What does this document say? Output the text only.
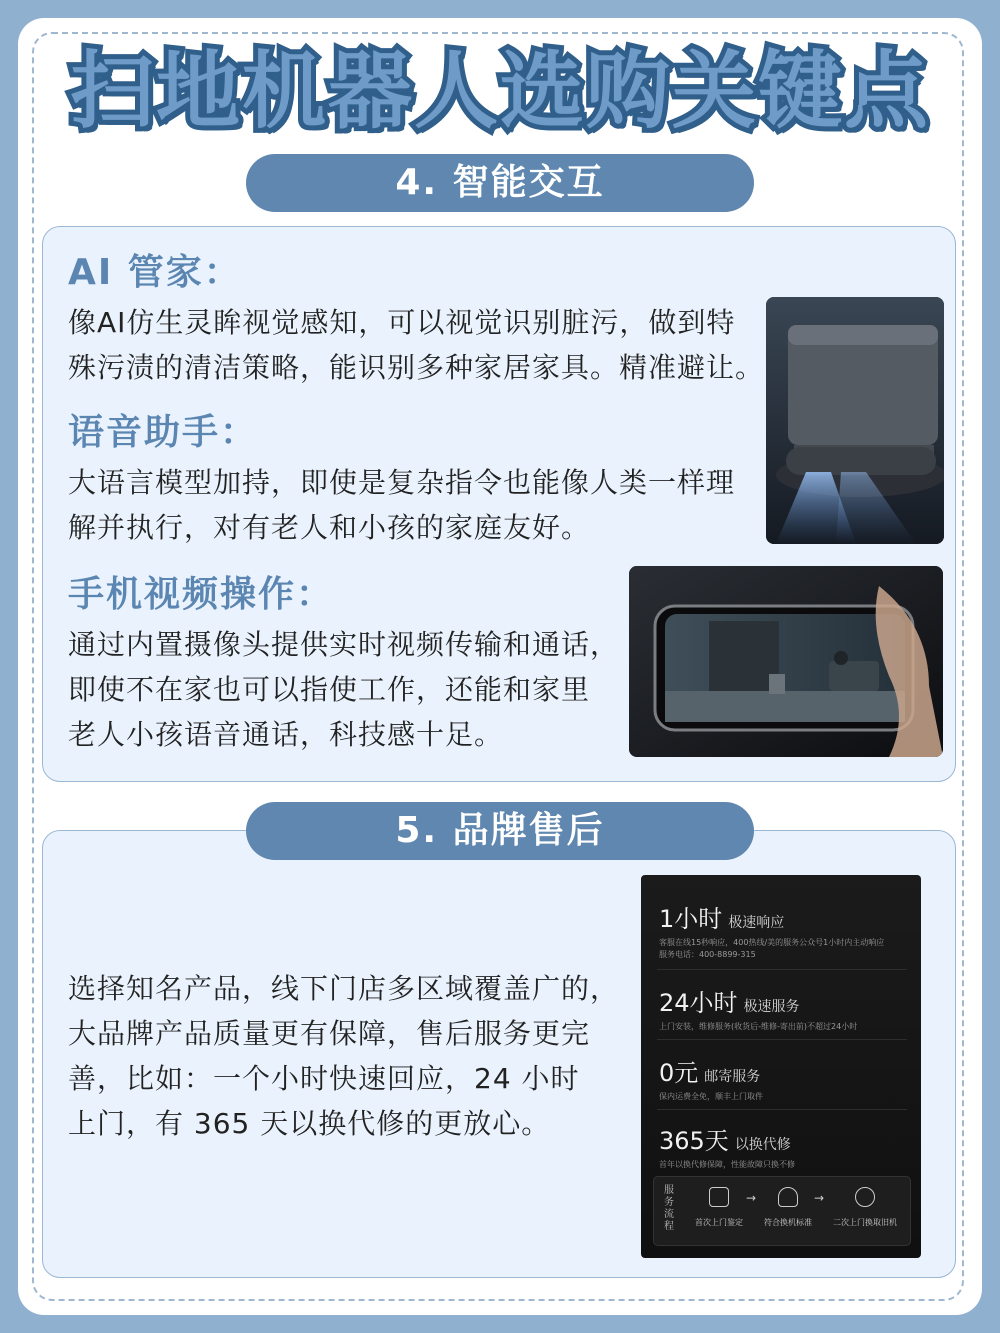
扫地机器人选购关键点
4. 智能交互
AI 管家：
像AI仿生灵眸视觉感知，可以视觉识别脏污，做到特
殊污渍的清洁策略，能识别多种家居家具。精准避让。
语音助手：
大语言模型加持，即使是复杂指令也能像人类一样理
解并执行，对有老人和小孩的家庭友好。
手机视频操作：
通过内置摄像头提供实时视频传输和通话，
即使不在家也可以指使工作，还能和家里
老人小孩语音通话，科技感十足。
5. 品牌售后
选择知名产品，线下门店多区域覆盖广的，
大品牌产品质量更有保障，售后服务更完
善，比如：一个小时快速回应，24 小时
上门，有 365 天以换代修的更放心。
1小时 极速响应
客服在线15秒响应，400热线/美的服务公众号1小时内主动响应
服务电话：400-8899-315
24小时 极速服务
上门安装，维修服务(收货后-维修-寄出前)不超过24小时
0元 邮寄服务
保内运费全免，顺丰上门取件
365天 以换代修
首年以换代修保障，性能故障只换不修
服务流程	首次上门鉴定
→
符合换机标准
→
二次上门换取旧机
